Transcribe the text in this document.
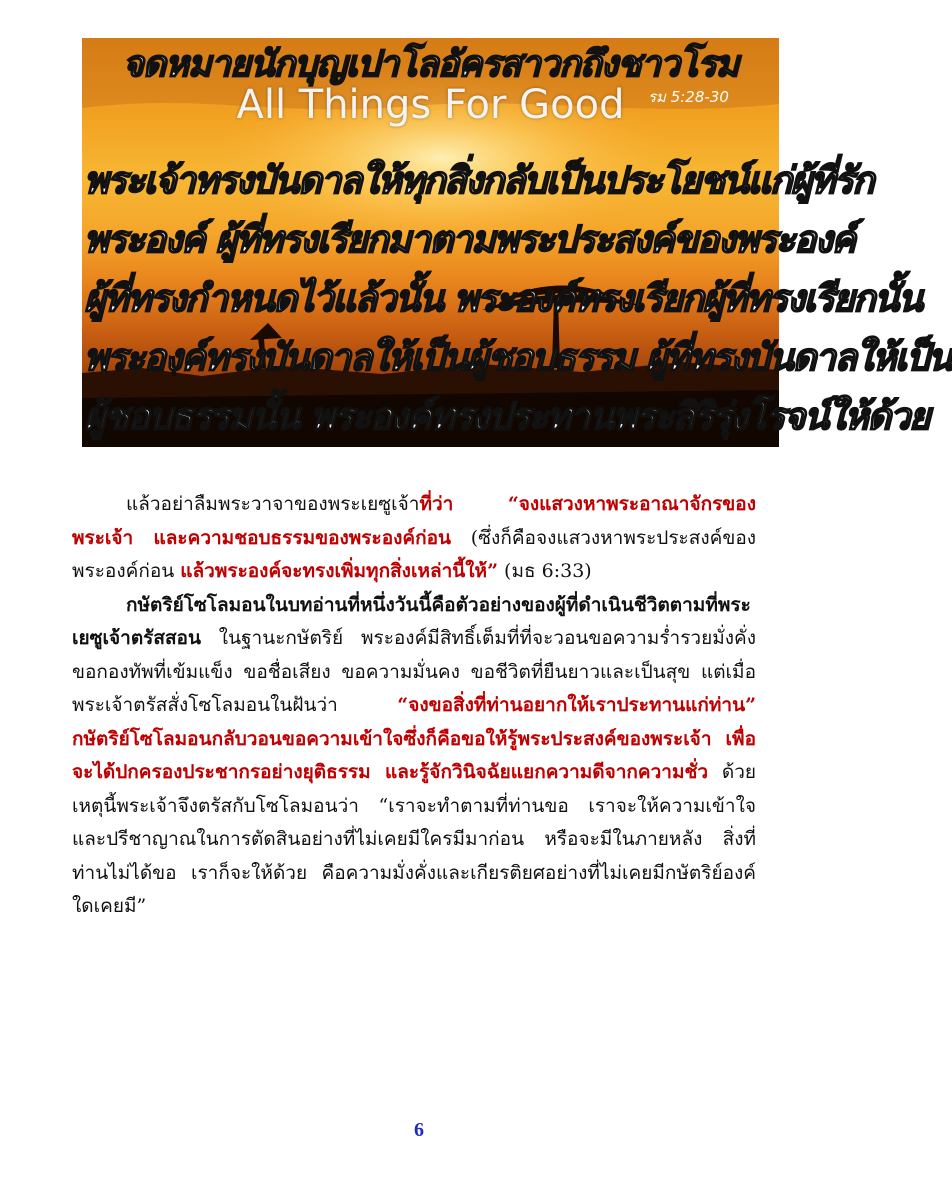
จดหมายนักบุญเปาโลอัครสาวกถึงชาวโรม
All Things For Good	รม 5:28-30
พระเจ้าทรงบันดาลให้ทุกสิ่งกลับเป็นประโยชน์แก่ผู้ที่รัก
พระองค์ ผู้ที่ทรงเรียกมาตามพระประสงค์ของพระองค์
ผู้ที่ทรงกำหนดไว้แล้วนั้น พระองค์ทรงเรียกผู้ที่ทรงเรียกนั้น
พระองค์ทรงบันดาลให้เป็นผู้ชอบธรรม ผู้ที่ทรงบันดาลให้เป็น
ผู้ชอบธรรมนั้น พระองค์ทรงประทานพระสิริรุ่งโรจน์ให้ด้วย

แล้วอย่าลืมพระวาจาของพระเยซูเจ้าที่ว่า “จงแสวงหาพระอาณาจักรของพระเจ้า และความชอบธรรมของพระองค์ก่อน (ซึ่งก็คือจงแสวงหาพระประสงค์ของพระองค์ก่อน แล้วพระองค์จะทรงเพิ่มทุกสิ่งเหล่านี้ให้” (มธ 6:33)

กษัตริย์โซโลมอนในบทอ่านที่หนึ่งวันนี้คือตัวอย่างของผู้ที่ดำเนินชีวิตตามที่พระเยซูเจ้าตรัสสอน ในฐานะกษัตริย์ พระองค์มีสิทธิ์เต็มที่ที่จะวอนขอความร่ำรวยมั่งคั่ง ขอกองทัพที่เข้มแข็ง ขอชื่อเสียง ขอความมั่นคง ขอชีวิตที่ยืนยาวและเป็นสุข แต่เมื่อพระเจ้าตรัสสั่งโซโลมอนในฝันว่า “จงขอสิ่งที่ท่านอยากให้เราประทานแก่ท่าน” กษัตริย์โซโลมอนกลับวอนขอความเข้าใจซึ่งก็คือขอให้รู้พระประสงค์ของพระเจ้า เพื่อจะได้ปกครองประชากรอย่างยุติธรรม และรู้จักวินิจฉัยแยกความดีจากความชั่ว ด้วยเหตุนี้พระเจ้าจึงตรัสกับโซโลมอนว่า “เราจะทำตามที่ท่านขอ เราจะให้ความเข้าใจและปรีชาญาณในการตัดสินอย่างที่ไม่เคยมีใครมีมาก่อน หรือจะมีในภายหลัง สิ่งที่ท่านไม่ได้ขอ เราก็จะให้ด้วย คือความมั่งคั่งและเกียรติยศอย่างที่ไม่เคยมีกษัตริย์องค์ใดเคยมี”

6
